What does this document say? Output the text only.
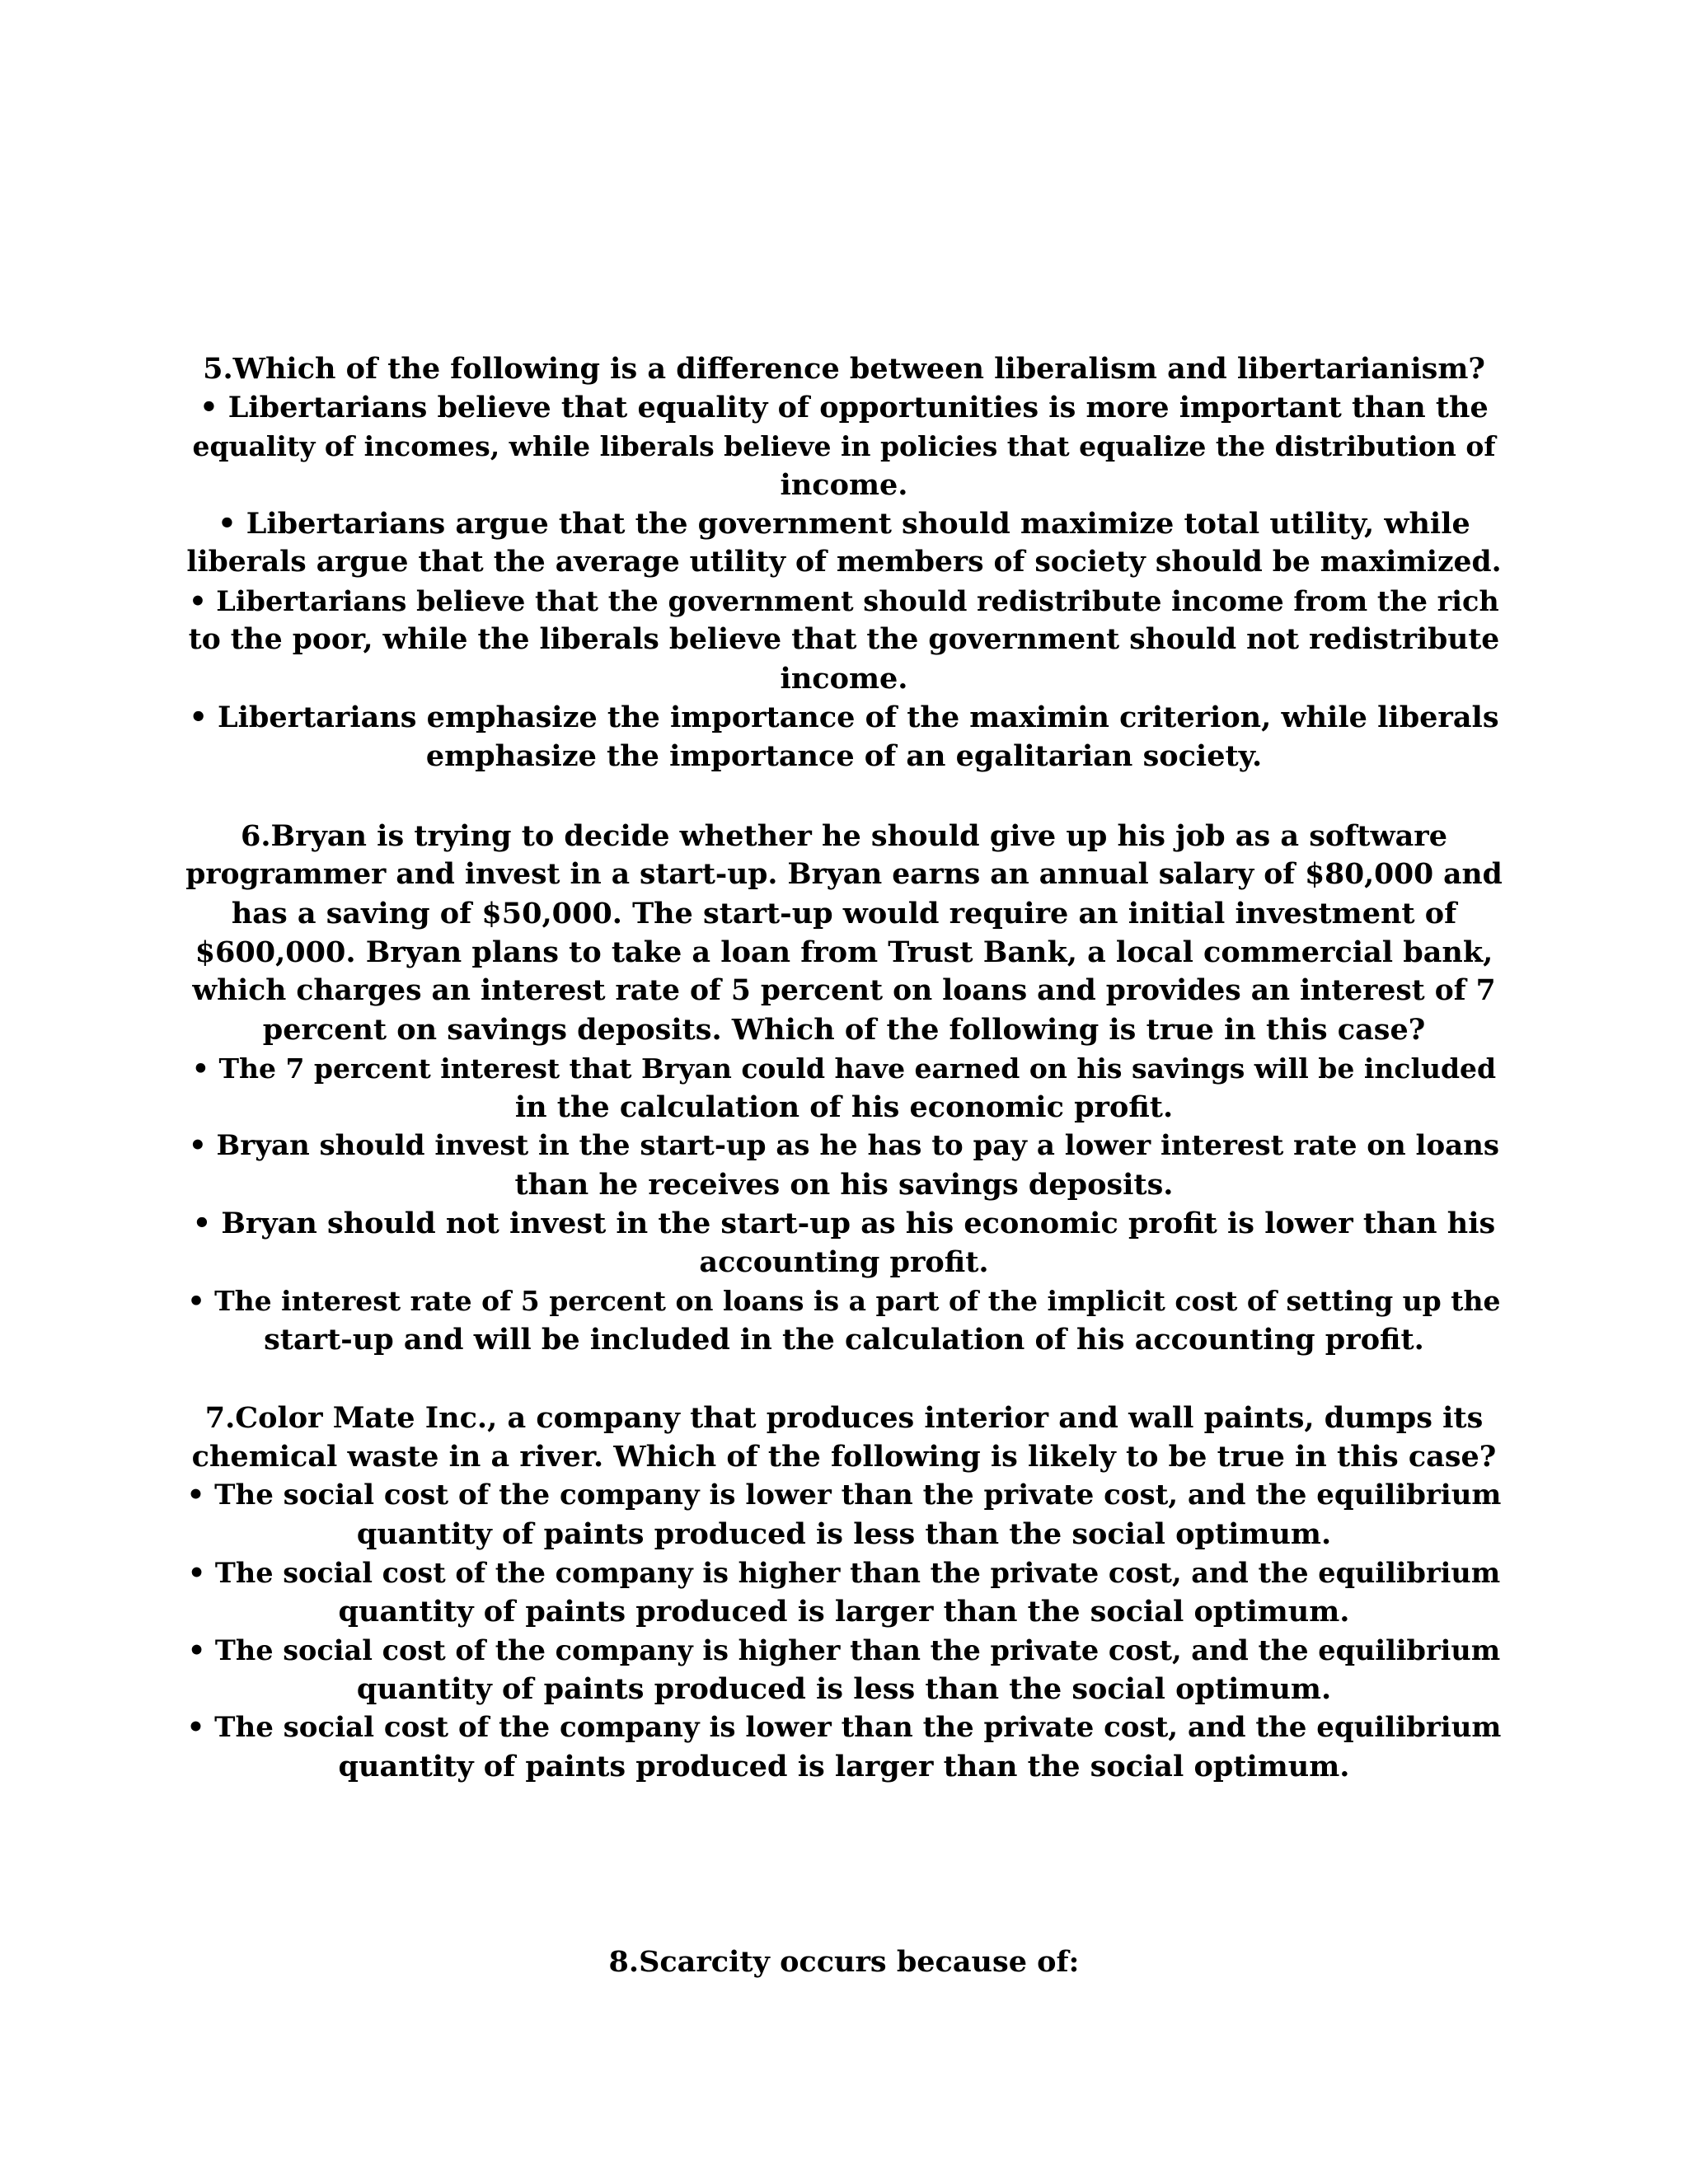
5.Which of the following is a difference between liberalism and libertarianism?
• Libertarians believe that equality of opportunities is more important than the
equality of incomes, while liberals believe in policies that equalize the distribution of
income.
• Libertarians argue that the government should maximize total utility, while
liberals argue that the average utility of members of society should be maximized.
• Libertarians believe that the government should redistribute income from the rich
to the poor, while the liberals believe that the government should not redistribute
income.
• Libertarians emphasize the importance of the maximin criterion, while liberals
emphasize the importance of an egalitarian society.
6.Bryan is trying to decide whether he should give up his job as a software
programmer and invest in a start-up. Bryan earns an annual salary of $80,000 and
has a saving of $50,000. The start-up would require an initial investment of
$600,000. Bryan plans to take a loan from Trust Bank, a local commercial bank,
which charges an interest rate of 5 percent on loans and provides an interest of 7
percent on savings deposits. Which of the following is true in this case?
• The 7 percent interest that Bryan could have earned on his savings will be included
in the calculation of his economic profit.
• Bryan should invest in the start-up as he has to pay a lower interest rate on loans
than he receives on his savings deposits.
• Bryan should not invest in the start-up as his economic profit is lower than his
accounting profit.
• The interest rate of 5 percent on loans is a part of the implicit cost of setting up the
start-up and will be included in the calculation of his accounting profit.
7.Color Mate Inc., a company that produces interior and wall paints, dumps its
chemical waste in a river. Which of the following is likely to be true in this case?
• The social cost of the company is lower than the private cost, and the equilibrium
quantity of paints produced is less than the social optimum.
• The social cost of the company is higher than the private cost, and the equilibrium
quantity of paints produced is larger than the social optimum.
• The social cost of the company is higher than the private cost, and the equilibrium
quantity of paints produced is less than the social optimum.
• The social cost of the company is lower than the private cost, and the equilibrium
quantity of paints produced is larger than the social optimum.
8.Scarcity occurs because of:
